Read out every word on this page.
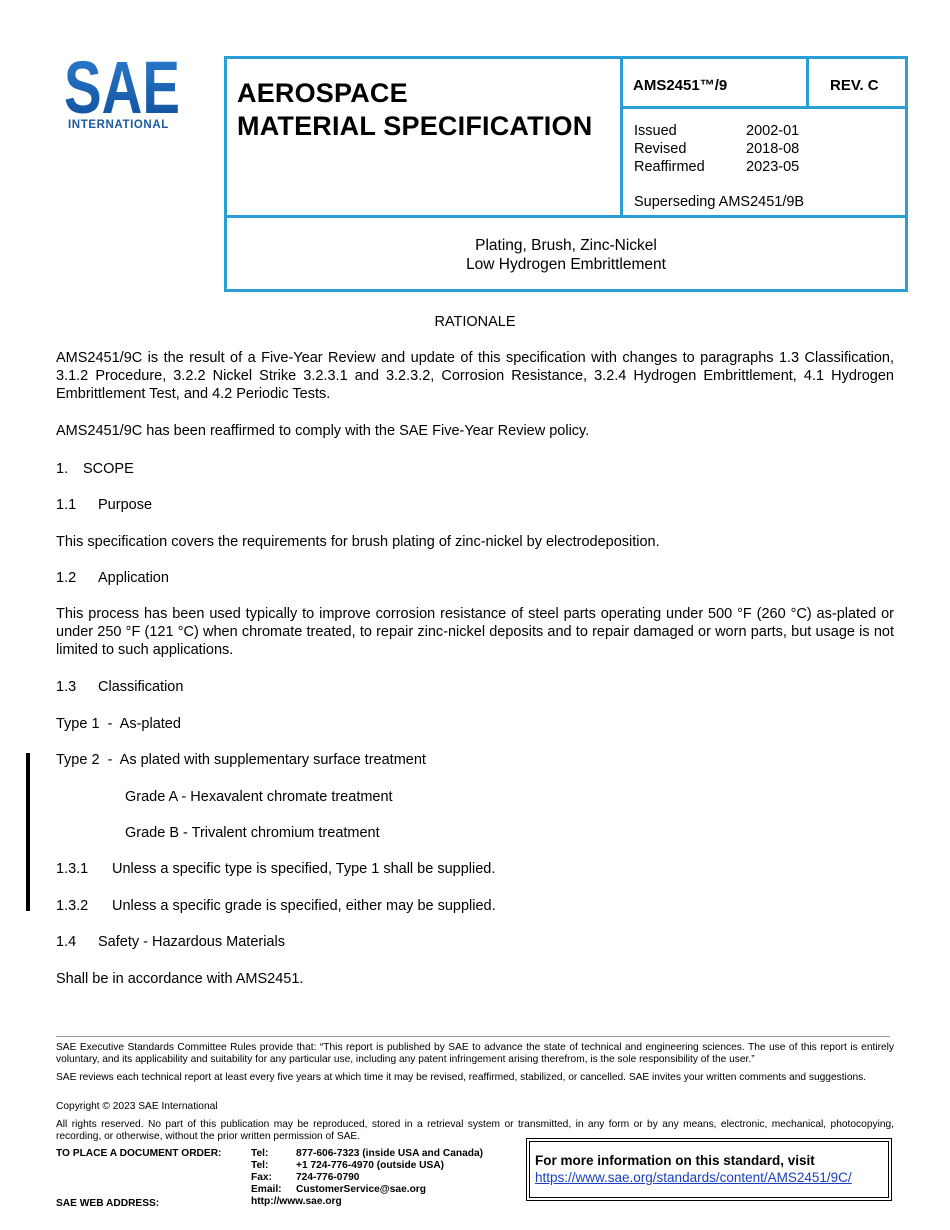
SAE
INTERNATIONAL
AEROSPACE
MATERIAL SPECIFICATION
AMS2451™/9	REV. C
Issued	2002-01
Revised	2018-08
Reaffirmed	2023-05
Superseding AMS2451/9B
Plating, Brush, Zinc-Nickel
Low Hydrogen Embrittlement
RATIONALE
AMS2451/9C is the result of a Five-Year Review and update of this specification with changes to paragraphs 1.3 Classification, 3.1.2 Procedure, 3.2.2 Nickel Strike 3.2.3.1 and 3.2.3.2, Corrosion Resistance, 3.2.4 Hydrogen Embrittlement, 4.1 Hydrogen Embrittlement Test, and 4.2 Periodic Tests.
AMS2451/9C has been reaffirmed to comply with the SAE Five-Year Review policy.
1. SCOPE
1.1 Purpose
This specification covers the requirements for brush plating of zinc-nickel by electrodeposition.
1.2 Application
This process has been used typically to improve corrosion resistance of steel parts operating under 500 °F (260 °C) as-plated or under 250 °F (121 °C) when chromate treated, to repair zinc-nickel deposits and to repair damaged or worn parts, but usage is not limited to such applications.
1.3 Classification
Type 1  -  As-plated
Type 2  -  As plated with supplementary surface treatment
Grade A - Hexavalent chromate treatment
Grade B - Trivalent chromium treatment
1.3.1 Unless a specific type is specified, Type 1 shall be supplied.
1.3.2 Unless a specific grade is specified, either may be supplied.
1.4 Safety - Hazardous Materials
Shall be in accordance with AMS2451.
SAE Executive Standards Committee Rules provide that: “This report is published by SAE to advance the state of technical and engineering sciences. The use of this report is entirely voluntary, and its applicability and suitability for any particular use, including any patent infringement arising therefrom, is the sole responsibility of the user.”
SAE reviews each technical report at least every five years at which time it may be revised, reaffirmed, stabilized, or cancelled. SAE invites your written comments and suggestions.
Copyright © 2023 SAE International
All rights reserved. No part of this publication may be reproduced, stored in a retrieval system or transmitted, in any form or by any means, electronic, mechanical, photocopying, recording, or otherwise, without the prior written permission of SAE.
TO PLACE A DOCUMENT ORDER:
SAE WEB ADDRESS:
Tel:	877-606-7323 (inside USA and Canada)
Tel:	+1 724-776-4970 (outside USA)
Fax:	724-776-0790
Email:	CustomerService@sae.org
http://www.sae.org
For more information on this standard, visit
https://www.sae.org/standards/content/AMS2451/9C/
